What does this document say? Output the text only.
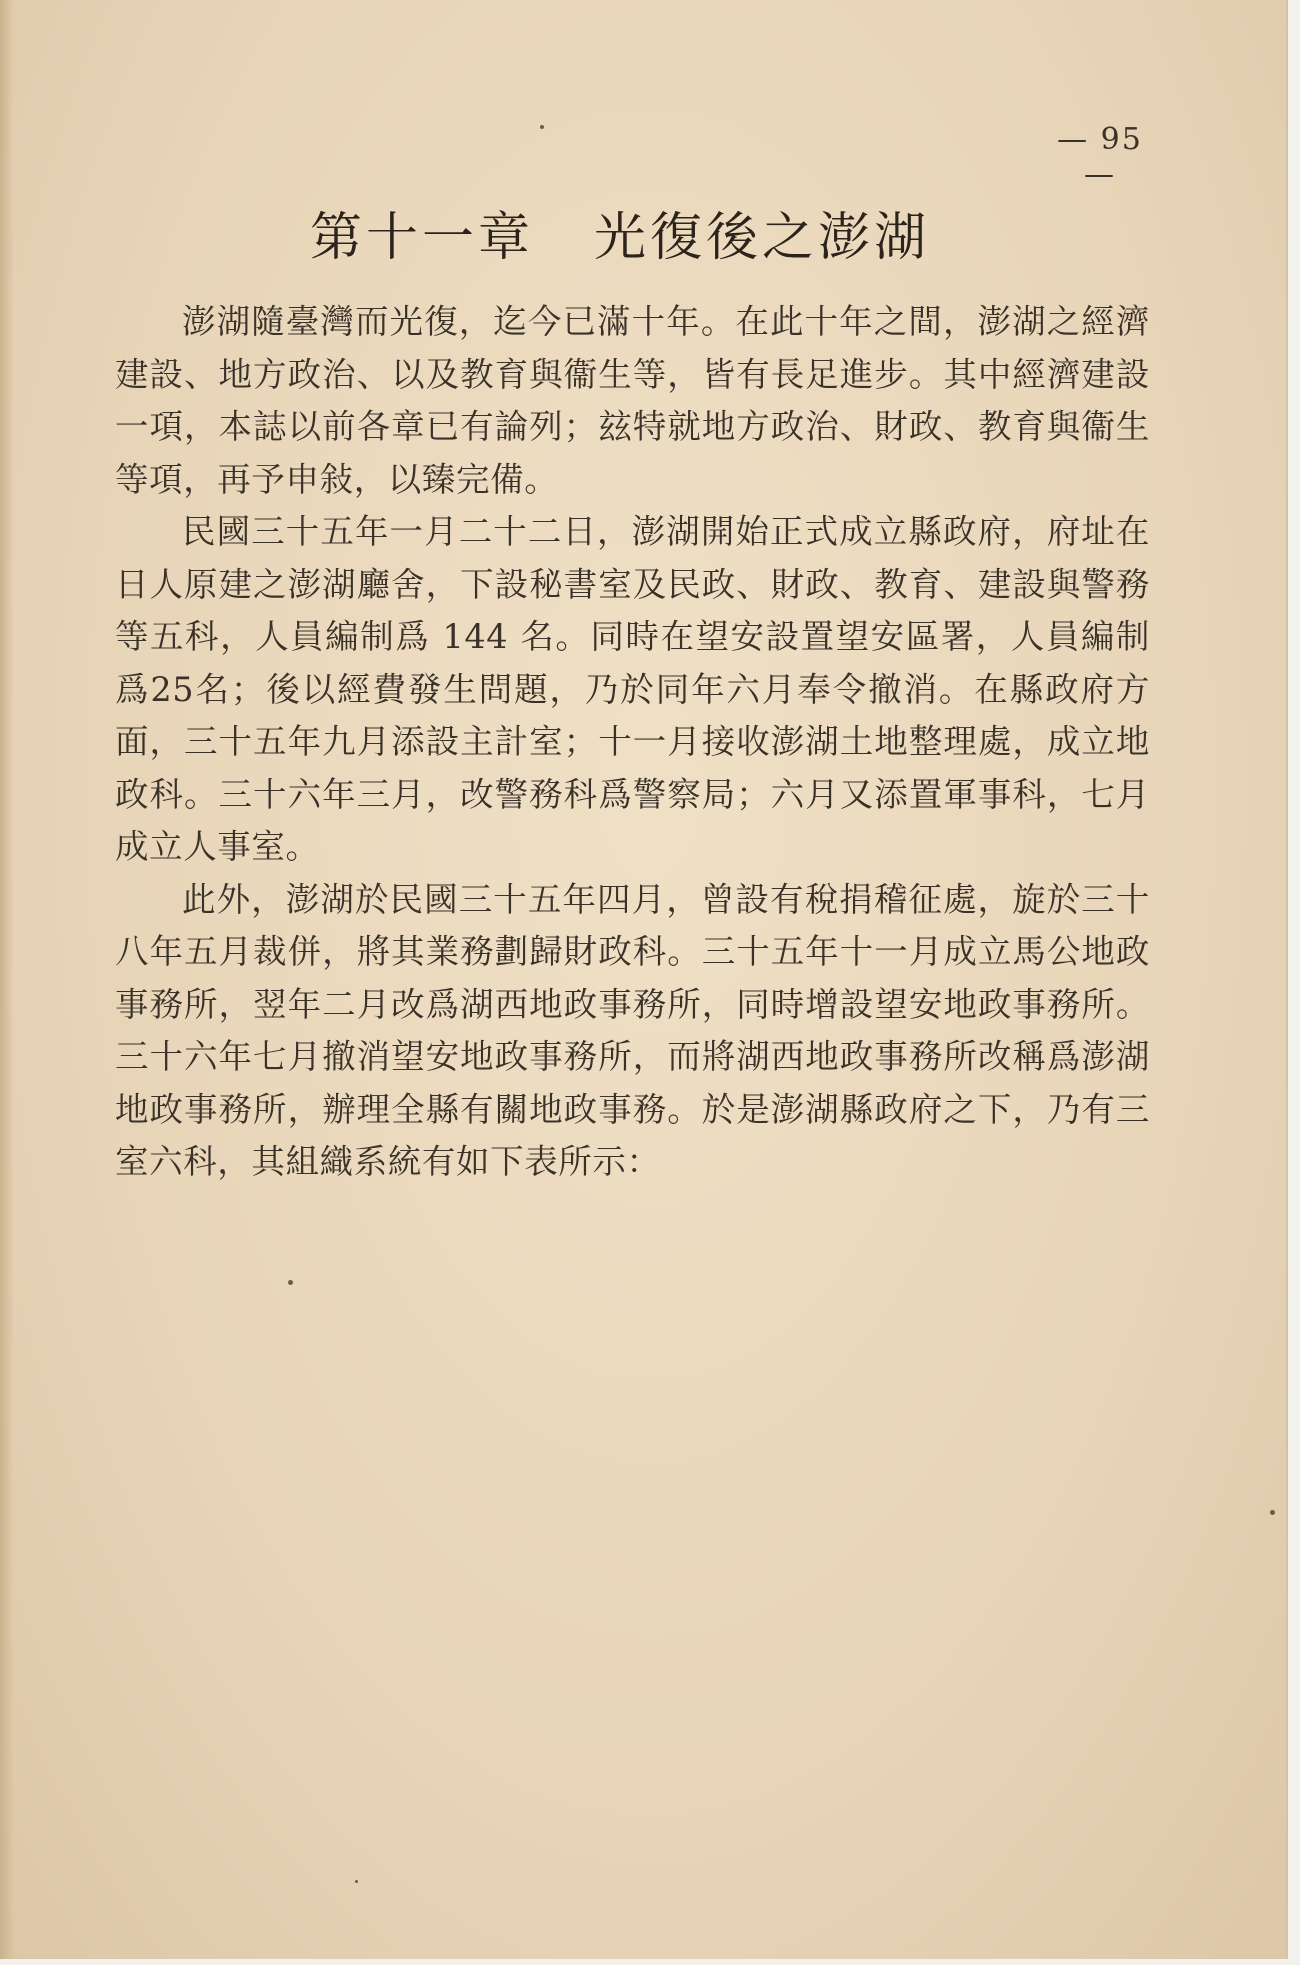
— 95 —
第十一章 光復後之澎湖

澎湖隨臺灣而光復，迄今已滿十年。在此十年之間，澎湖之經濟建設、地方政治、以及教育與衞生等，皆有長足進步。其中經濟建設一項，本誌以前各章已有論列；玆特就地方政治、財政、教育與衞生等項，再予申敍，以臻完備。

民國三十五年一月二十二日，澎湖開始正式成立縣政府，府址在日人原建之澎湖廳舍，下設秘書室及民政、財政、教育、建設與警務等五科，人員編制爲 144 名。同時在望安設置望安區署，人員編制爲25名；後以經費發生問題，乃於同年六月奉令撤消。在縣政府方面，三十五年九月添設主計室；十一月接收澎湖土地整理處，成立地政科。三十六年三月，改警務科爲警察局；六月又添置軍事科，七月成立人事室。

此外，澎湖於民國三十五年四月，曾設有稅捐稽征處，旋於三十八年五月裁併，將其業務劃歸財政科。三十五年十一月成立馬公地政事務所，翌年二月改爲湖西地政事務所，同時增設望安地政事務所。三十六年七月撤消望安地政事務所，而將湖西地政事務所改稱爲澎湖地政事務所，辦理全縣有關地政事務。於是澎湖縣政府之下，乃有三室六科，其組織系統有如下表所示：
